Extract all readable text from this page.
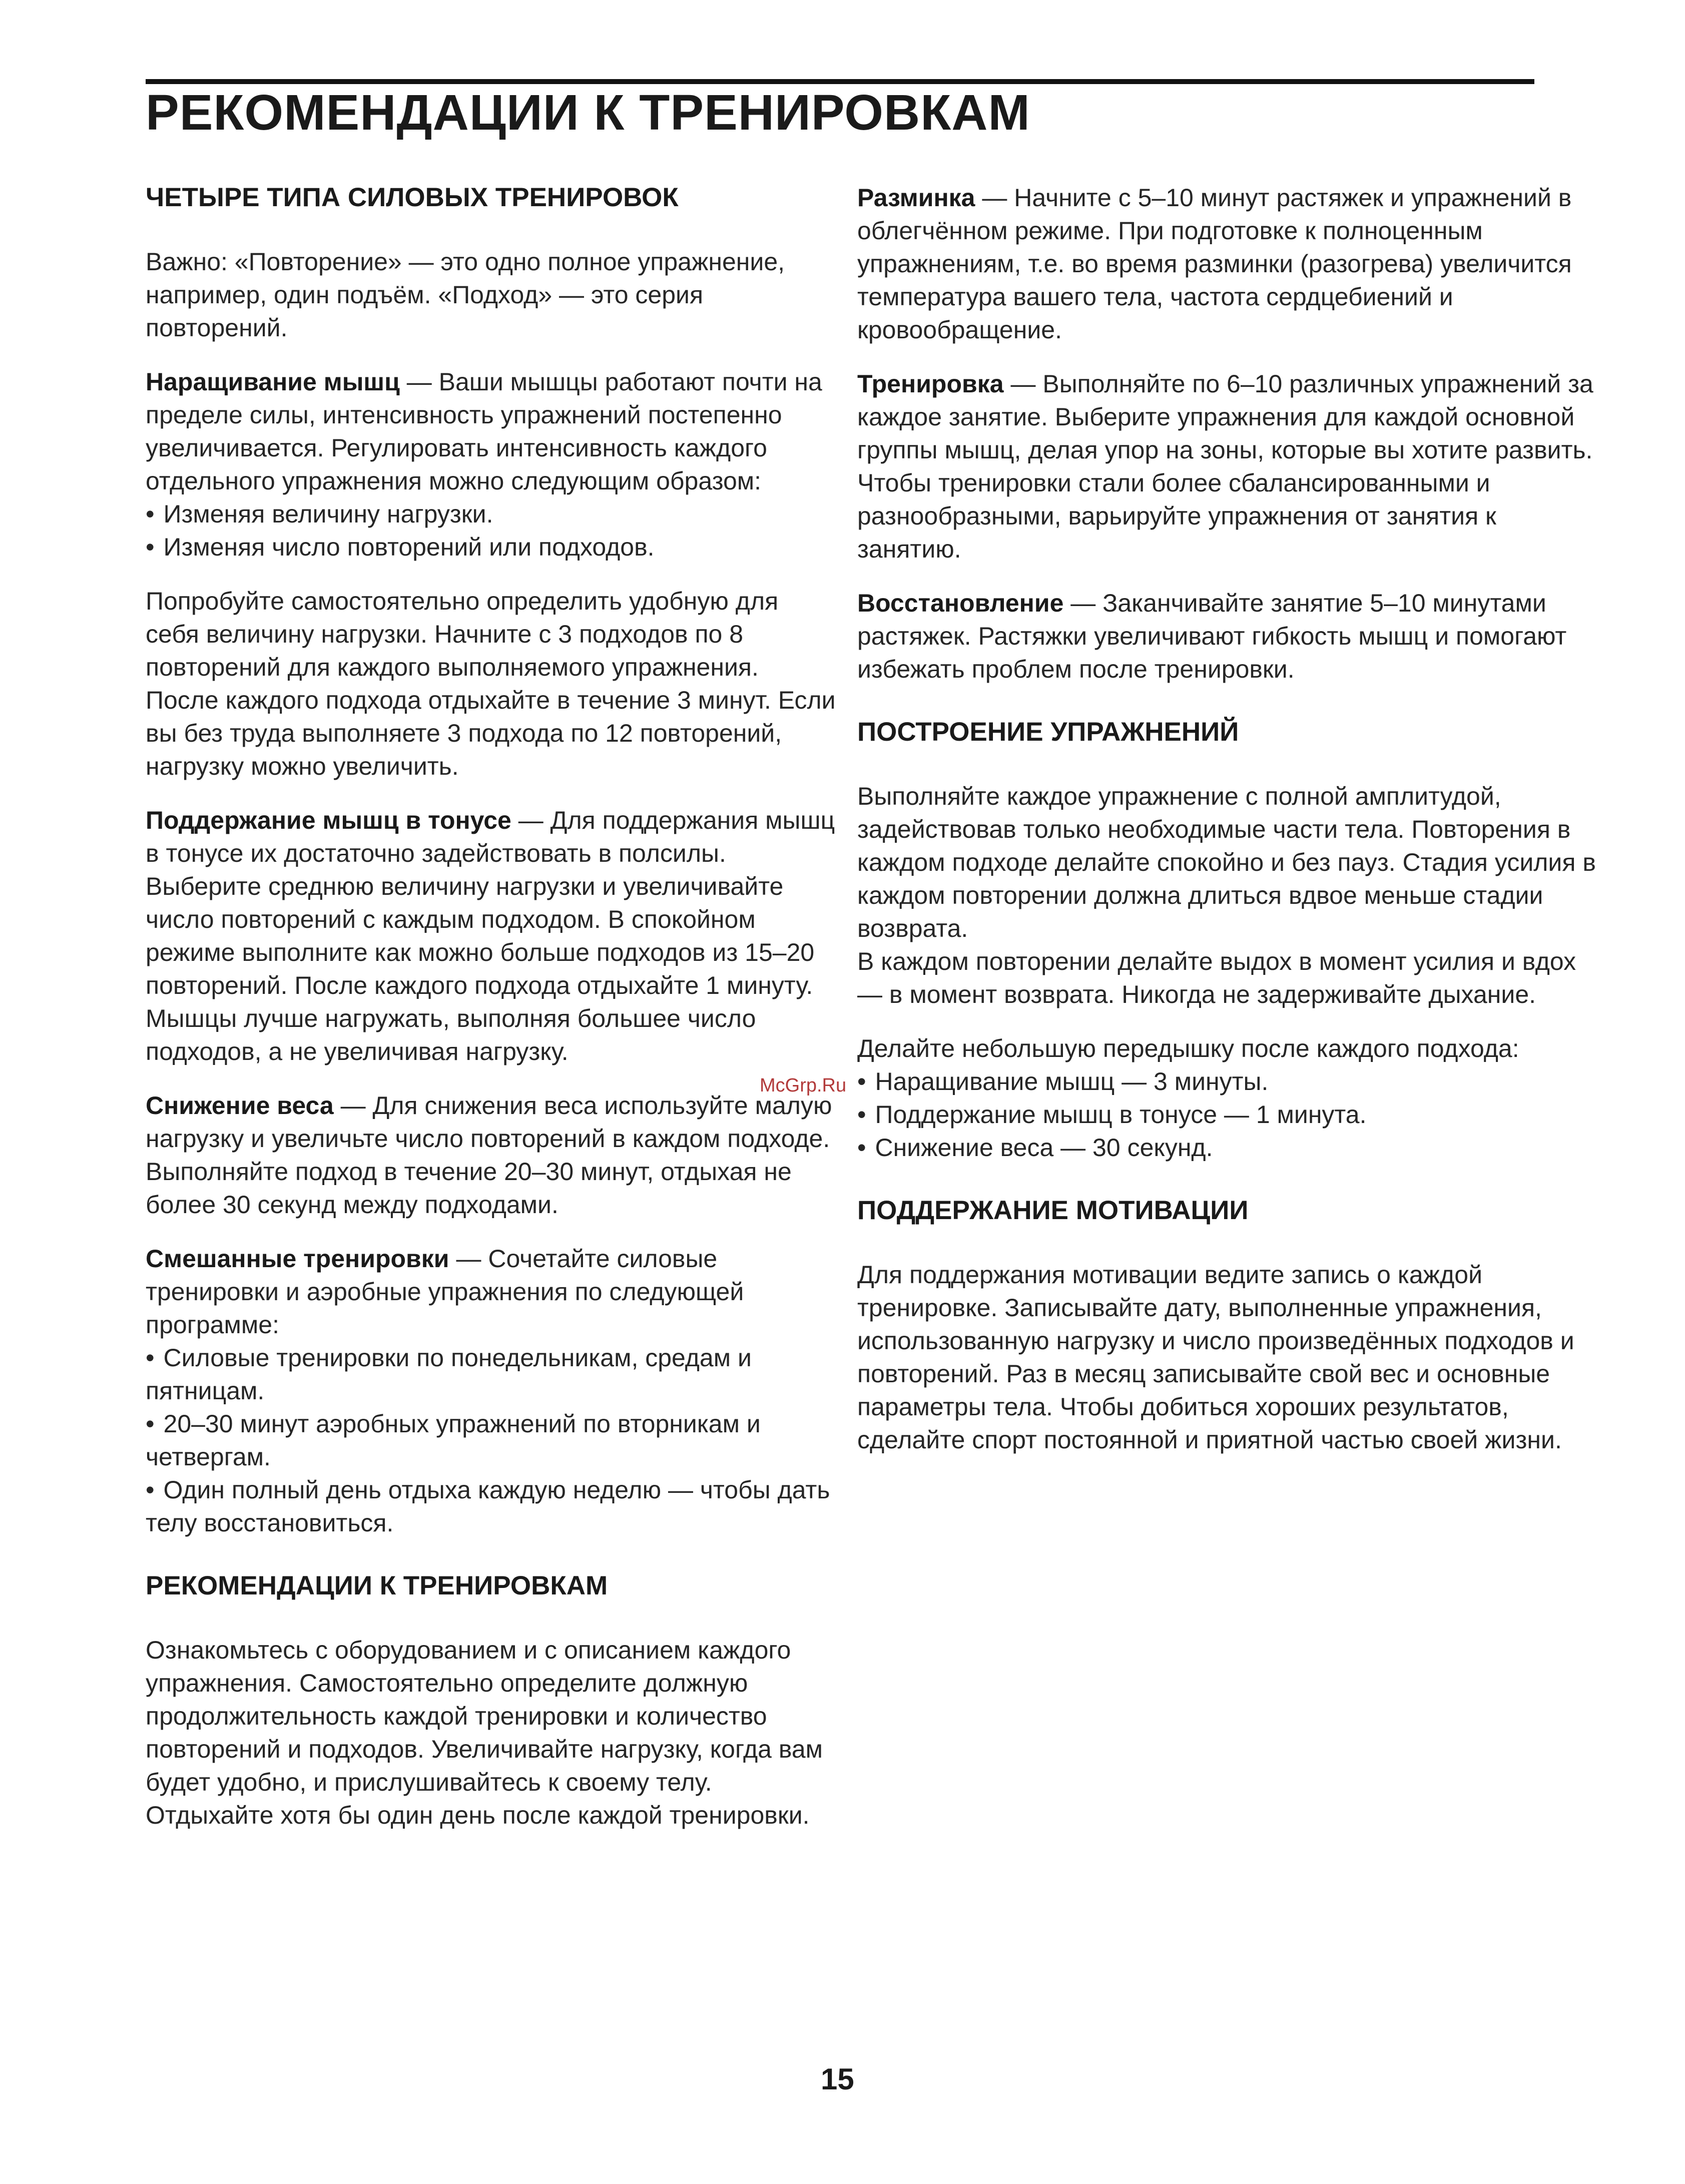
РЕКОМЕНДАЦИИ К ТРЕНИРОВКАМ
ЧЕТЫРЕ ТИПА СИЛОВЫХ ТРЕНИРОВОК

Важно: «Повторение» — это одно полное упражнение, например, один подъём. «Подход» — это серия повторений.

Наращивание мышц — Ваши мышцы работают почти на пределе силы, интенсивность упражнений постепенно увеличивается. Регулировать интенсивность каждого отдельного упражнения можно следующим образом:

• Изменяя величину нагрузки.
• Изменяя число повторений или подходов.

Попробуйте самостоятельно определить удобную для себя величину нагрузки. Начните с 3 подходов по 8 повторений для каждого выполняемого упражнения. После каждого подхода отдыхайте в течение 3 минут. Если вы без труда выполняете 3 подхода по 12 повторений, нагрузку можно увеличить.

Поддержание мышц в тонусе — Для поддержания мышц в тонусе их достаточно задействовать в полсилы. Выберите среднюю величину нагрузки и увеличивайте число повторений с каждым подходом. В спокойном режиме выполните как можно больше подходов из 15–20 повторений. После каждого подхода отдыхайте 1 минуту. Мышцы лучше нагружать, выполняя большее число подходов, а не увеличивая нагрузку.

Снижение веса — Для снижения веса используйте малую нагрузку и увеличьте число повторений в каждом подходе. Выполняйте подход в течение 20–30 минут, отдыхая не более 30 секунд между подходами.

Смешанные тренировки — Сочетайте силовые тренировки и аэробные упражнения по следующей программе:

• Силовые тренировки по понедельникам, средам и пятницам.
• 20–30 минут аэробных упражнений по вторникам и четвергам.
• Один полный день отдыха каждую неделю — чтобы дать телу восстановиться.
РЕКОМЕНДАЦИИ К ТРЕНИРОВКАМ

Ознакомьтесь с оборудованием и с описанием каждого упражнения. Самостоятельно определите должную продолжительность каждой тренировки и количество повторений и подходов. Увеличивайте нагрузку, когда вам будет удобно, и прислушивайтесь к своему телу. Отдыхайте хотя бы один день после каждой тренировки.

Разминка — Начните с 5–10 минут растяжек и упражнений в облегчённом режиме. При подготовке к полноценным упражнениям, т.е. во время разминки (разогрева) увеличится температура вашего тела, частота сердцебиений и кровообращение.

Тренировка — Выполняйте по 6–10 различных упражнений за каждое занятие. Выберите упражнения для каждой основной группы мышц, делая упор на зоны, которые вы хотите развить. Чтобы тренировки стали более сбалансированными и разнообразными, варьируйте упражнения от занятия к занятию.

Восстановление — Заканчивайте занятие 5–10 минутами растяжек. Растяжки увеличивают гибкость мышц и помогают избежать проблем после тренировки.

ПОСТРОЕНИЕ УПРАЖНЕНИЙ

Выполняйте каждое упражнение с полной амплитудой, задействовав только необходимые части тела. Повторения в каждом подходе делайте спокойно и без пауз. Стадия усилия в каждом повторении должна длиться вдвое меньше стадии возврата.

В каждом повторении делайте выдох в момент усилия и вдох — в момент возврата. Никогда не задерживайте дыхание.

Делайте небольшую передышку после каждого подхода:

• Наращивание мышц — 3 минуты.
• Поддержание мышц в тонусе — 1 минута.
• Снижение веса — 30 секунд.
ПОДДЕРЖАНИЕ МОТИВАЦИИ

Для поддержания мотивации ведите запись о каждой тренировке. Записывайте дату, выполненные упражнения, использованную нагрузку и число произведённых подходов и повторений. Раз в месяц записывайте свой вес и основные параметры тела. Чтобы добиться хороших результатов, сделайте спорт постоянной и приятной частью своей жизни.

McGrp.Ru

15
